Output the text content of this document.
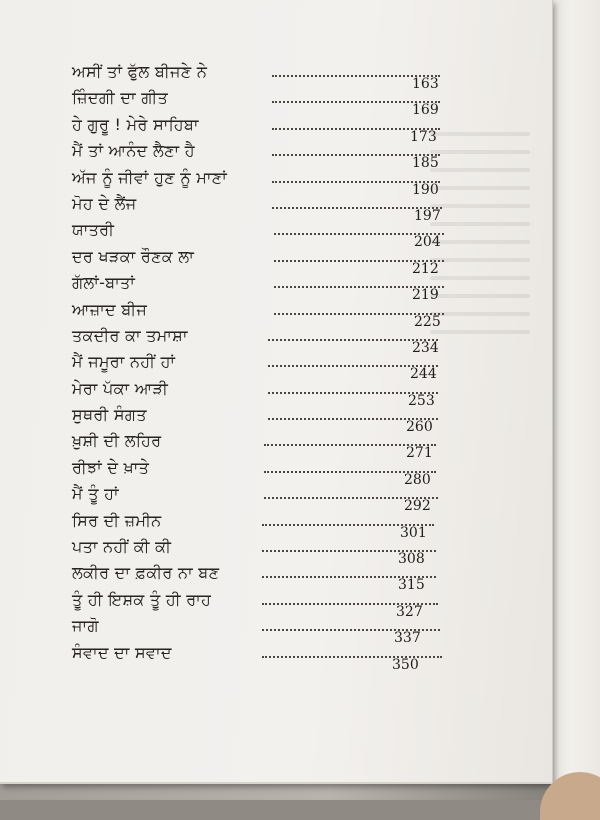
ਅਸੀਂ ਤਾਂ ਫੁੱਲ ਬੀਜਣੇ ਨੇ
163
ਜ਼ਿੰਦਗੀ ਦਾ ਗੀਤ
169
ਹੇ ਗੁਰੂ ! ਮੇਰੇ ਸਾਹਿਬਾ
173
ਮੈਂ ਤਾਂ ਆਨੰਦ ਲੈਣਾ ਹੈ
185
ਅੱਜ ਨੂੰ ਜੀਵਾਂ ਹੁਣ ਨੂੰ ਮਾਣਾਂ
190
ਮੋਹ ਦੇ ਲੈਂਜ
197
ਯਾਤਰੀ
204
ਦਰ ਖੜਕਾ ਰੌਣਕ ਲਾ
212
ਗੱਲਾਂ-ਬਾਤਾਂ
219
ਆਜ਼ਾਦ ਬੀਜ
225
ਤਕਦੀਰ ਕਾ ਤਮਾਸ਼ਾ
234
ਮੈਂ ਜਮੂਰਾ ਨਹੀਂ ਹਾਂ
244
ਮੇਰਾ ਪੱਕਾ ਆੜੀ
253
ਸੁਥਰੀ ਸੰਗਤ
260
ਖ਼ੁਸ਼ੀ ਦੀ ਲਹਿਰ
271
ਰੀਝਾਂ ਦੇ ਖ਼ਾਤੇ
280
ਮੈਂ ਤੂੰ ਹਾਂ
292
ਸਿਰ ਦੀ ਜ਼ਮੀਨ
301
ਪਤਾ ਨਹੀਂ ਕੀ ਕੀ
308
ਲਕੀਰ ਦਾ ਫ਼ਕੀਰ ਨਾ ਬਣ
315
ਤੂੰ ਹੀ ਇਸ਼ਕ ਤੂੰ ਹੀ ਰਾਹ
327
ਜਾਗੋ
337
ਸੰਵਾਦ ਦਾ ਸਵਾਦ
350
